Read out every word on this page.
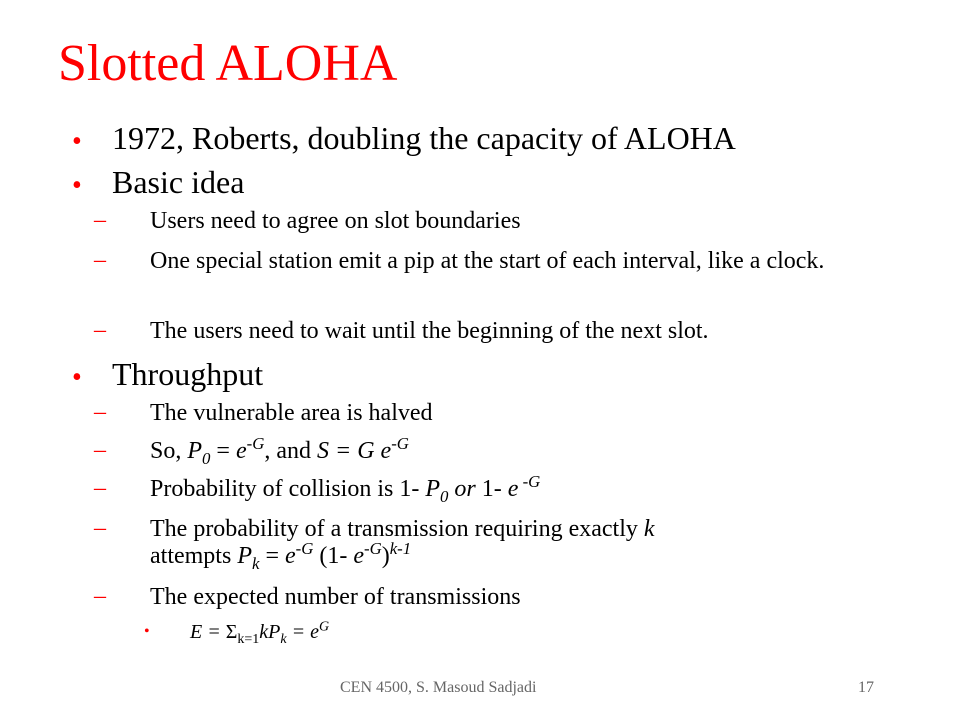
Slotted ALOHA
• 1972, Roberts, doubling the capacity of ALOHA
• Basic idea
– Users need to agree on slot boundaries
– One special station emit a pip at the start of each interval, like a clock.
– The users need to wait until the beginning of the next slot.
• Throughput
– The vulnerable area is halved
– So, $P_0 = e^{-G}$, and S = G $e^{-G}$
– Probability of collision is 1- $P_0$ or 1- e $^{-G}$
– The probability of a transmission requiring exactly k
attempts $P_k = e^{-G}$ (1- $e^{-G})^{k-1}$
– The expected number of transmissions
• $E = \Sigma_{k=1}kP_k = e^G$
CEN 4500, S. Masoud Sadjadi	17
